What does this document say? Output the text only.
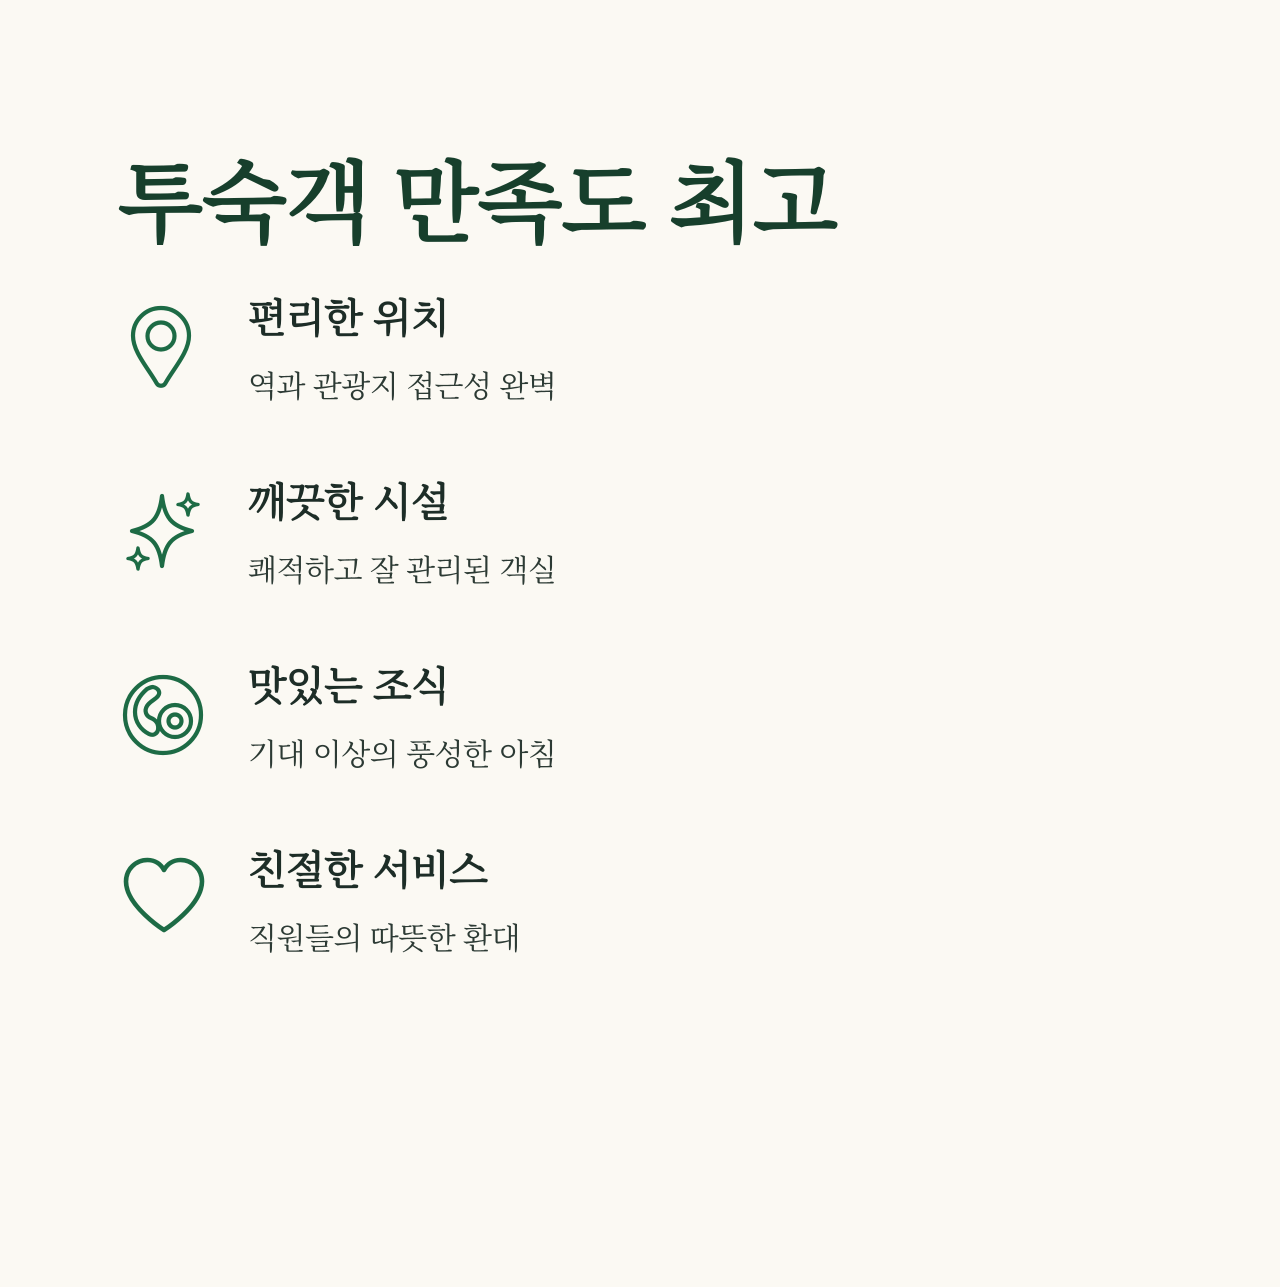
투숙객 만족도 최고
편리한 위치
역과 관광지 접근성 완벽
깨끗한 시설
쾌적하고 잘 관리된 객실
맛있는 조식
기대 이상의 풍성한 아침
친절한 서비스
직원들의 따뜻한 환대
